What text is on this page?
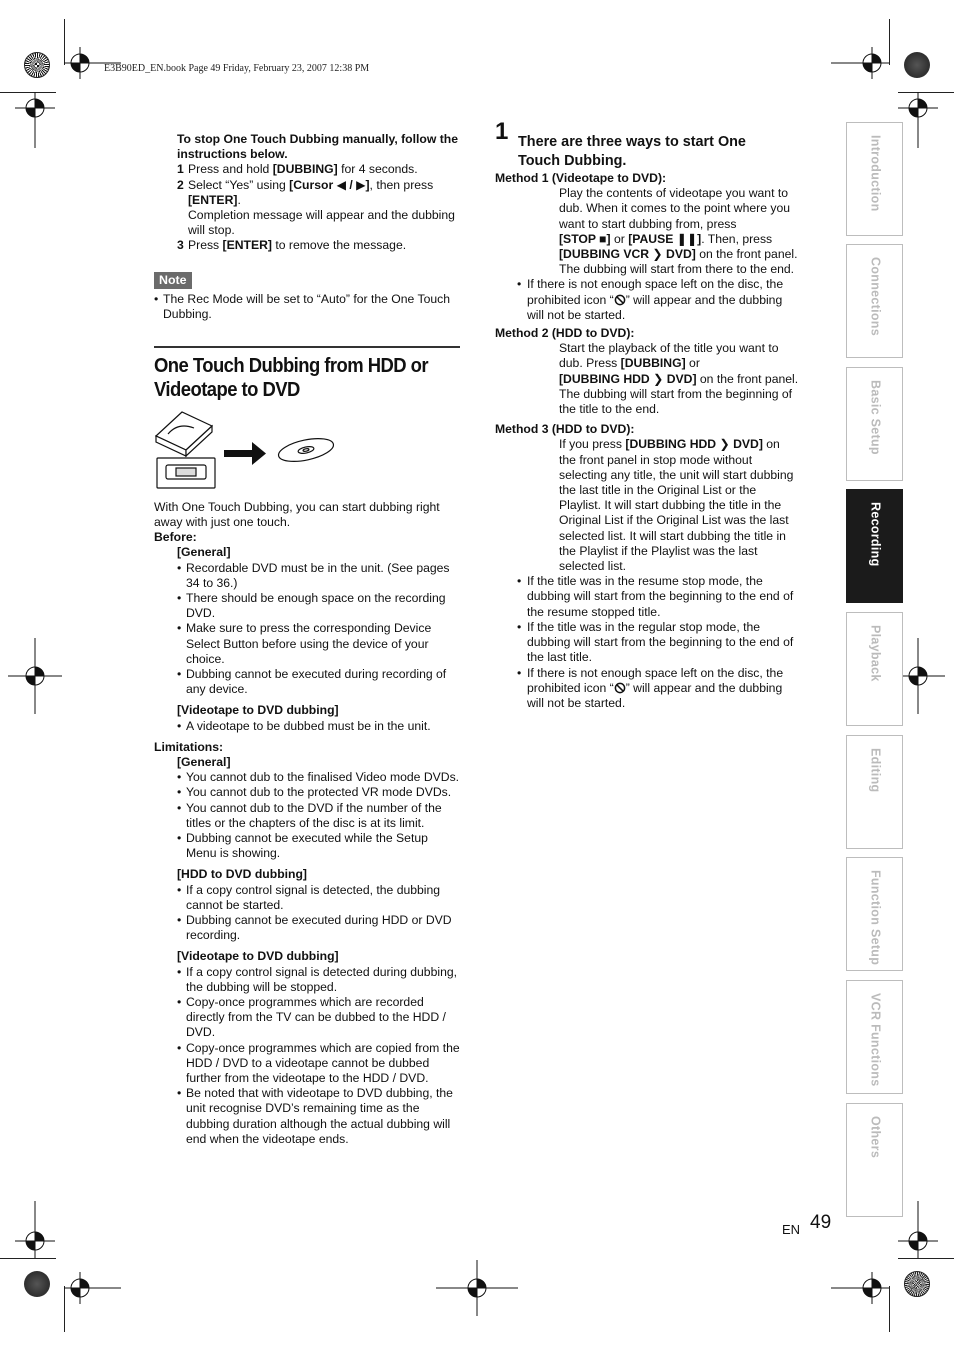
E3B90ED_EN.book Page 49 Friday, February 23, 2007 12:38 PM
To stop One Touch Dubbing manually, follow the instructions below.
1 Press and hold [DUBBING] for 4 seconds.
2 Select “Yes” using [Cursor ◀ / ▶], then press [ENTER].
Completion message will appear and the dubbing will stop.
3 Press [ENTER] to remove the message.
Note
• The Rec Mode will be set to “Auto” for the One Touch Dubbing.
One Touch Dubbing from HDD or
Videotape to DVD
With One Touch Dubbing, you can start dubbing right away with just one touch.
Before:
[General]
• Recordable DVD must be in the unit. (See pages 34 to 36.)
• There should be enough space on the recording DVD.
• Make sure to press the corresponding Device Select Button before using the device of your choice.
• Dubbing cannot be executed during recording of any device.
[Videotape to DVD dubbing]
• A videotape to be dubbed must be in the unit.
Limitations:
[General]
• You cannot dub to the finalised Video mode DVDs.
• You cannot dub to the protected VR mode DVDs.
• You cannot dub to the DVD if the number of the titles or the chapters of the disc is at its limit.
• Dubbing cannot be executed while the Setup Menu is showing.
[HDD to DVD dubbing]
• If a copy control signal is detected, the dubbing cannot be started.
• Dubbing cannot be executed during HDD or DVD recording.
[Videotape to DVD dubbing]
• If a copy control signal is detected during dubbing, the dubbing will be stopped.
• Copy-once programmes which are recorded directly from the TV can be dubbed to the HDD / DVD.
• Copy-once programmes which are copied from the HDD / DVD to a videotape cannot be dubbed further from the videotape to the HDD / DVD.
• Be noted that with videotape to DVD dubbing, the unit recognise DVD’s remaining time as the dubbing duration although the actual dubbing will end when the videotape ends.
1 There are three ways to start One Touch Dubbing.
Method 1 (Videotape to DVD):
Play the contents of videotape you want to dub. When it comes to the point where you want to start dubbing from, press
[STOP ■] or [PAUSE ❚❚]. Then, press
[DUBBING VCR ❯ DVD] on the front panel. The dubbing will start from there to the end.
• If there is not enough space left on the disc, the prohibited icon “ ” will appear and the dubbing will not be started.
Method 2 (HDD to DVD):
Start the playback of the title you want to dub. Press [DUBBING] or
[DUBBING HDD ❯ DVD] on the front panel. The dubbing will start from the beginning of the title to the end.
Method 3 (HDD to DVD):
If you press [DUBBING HDD ❯ DVD] on the front panel in stop mode without selecting any title, the unit will start dubbing the last title in the Original List or the Playlist. It will start dubbing the title in the Original List if the Original List was the last selected list. It will start dubbing the title in the Playlist if the Playlist was the last selected list.
• If the title was in the resume stop mode, the dubbing will start from the beginning to the end of the resume stopped title.
• If the title was in the regular stop mode, the dubbing will start from the beginning to the end of the last title.
• If there is not enough space left on the disc, the prohibited icon “ ” will appear and the dubbing will not be started.
Introduction
Connections
Basic Setup
Recording
Playback
Editing
Function Setup
VCR Functions
Others
EN 49
